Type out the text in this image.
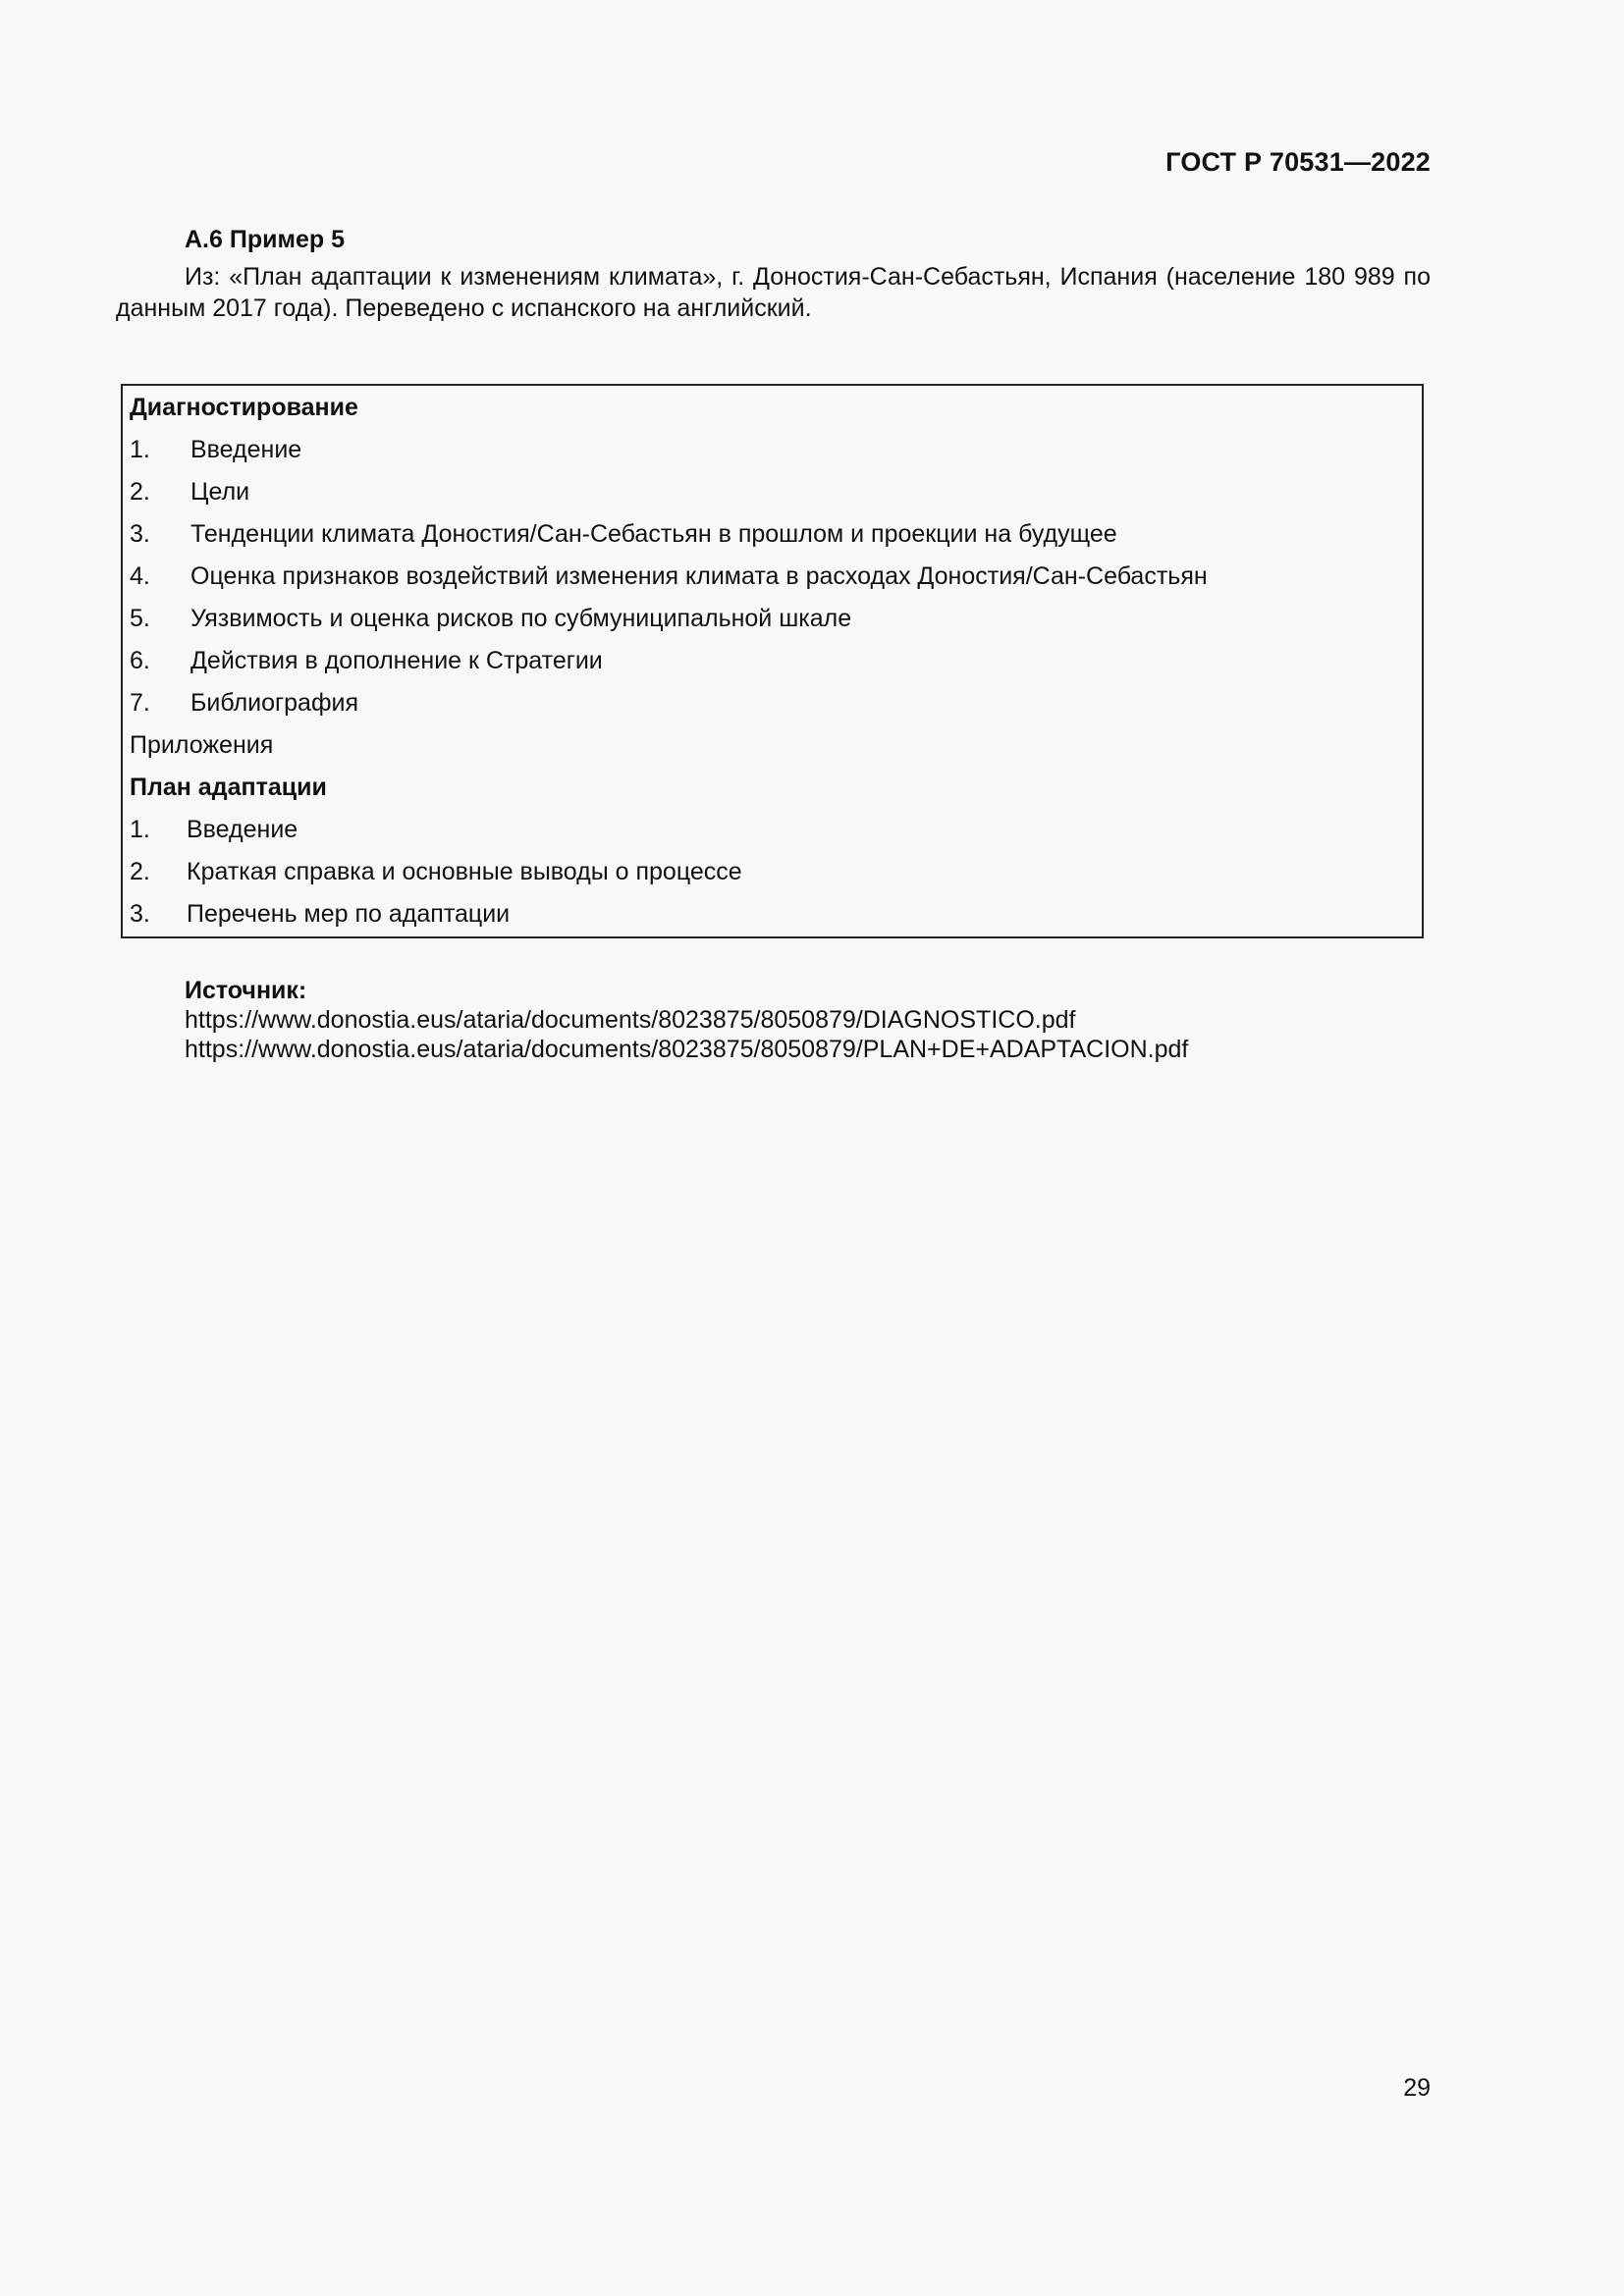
ГОСТ Р 70531—2022
А.6 Пример 5
Из: «План адаптации к изменениям климата», г. Доностия-Сан-Себастьян, Испания (население 180 989 по данным 2017 года). Переведено с испанского на английский.
Диагностирование
1. Введение
2. Цели
3. Тенденции климата Доностия/Сан-Себастьян в прошлом и проекции на будущее
4. Оценка признаков воздействий изменения климата в расходах Доностия/Сан-Себастьян
5. Уязвимость и оценка рисков по субмуниципальной шкале
6. Действия в дополнение к Стратегии
7. Библиография
Приложения
План адаптации
1. Введение
2. Краткая справка и основные выводы о процессе
3. Перечень мер по адаптации
Источник:
https://www.donostia.eus/ataria/documents/8023875/8050879/DIAGNOSTICO.pdf
https://www.donostia.eus/ataria/documents/8023875/8050879/PLAN+DE+ADAPTACION.pdf
29
